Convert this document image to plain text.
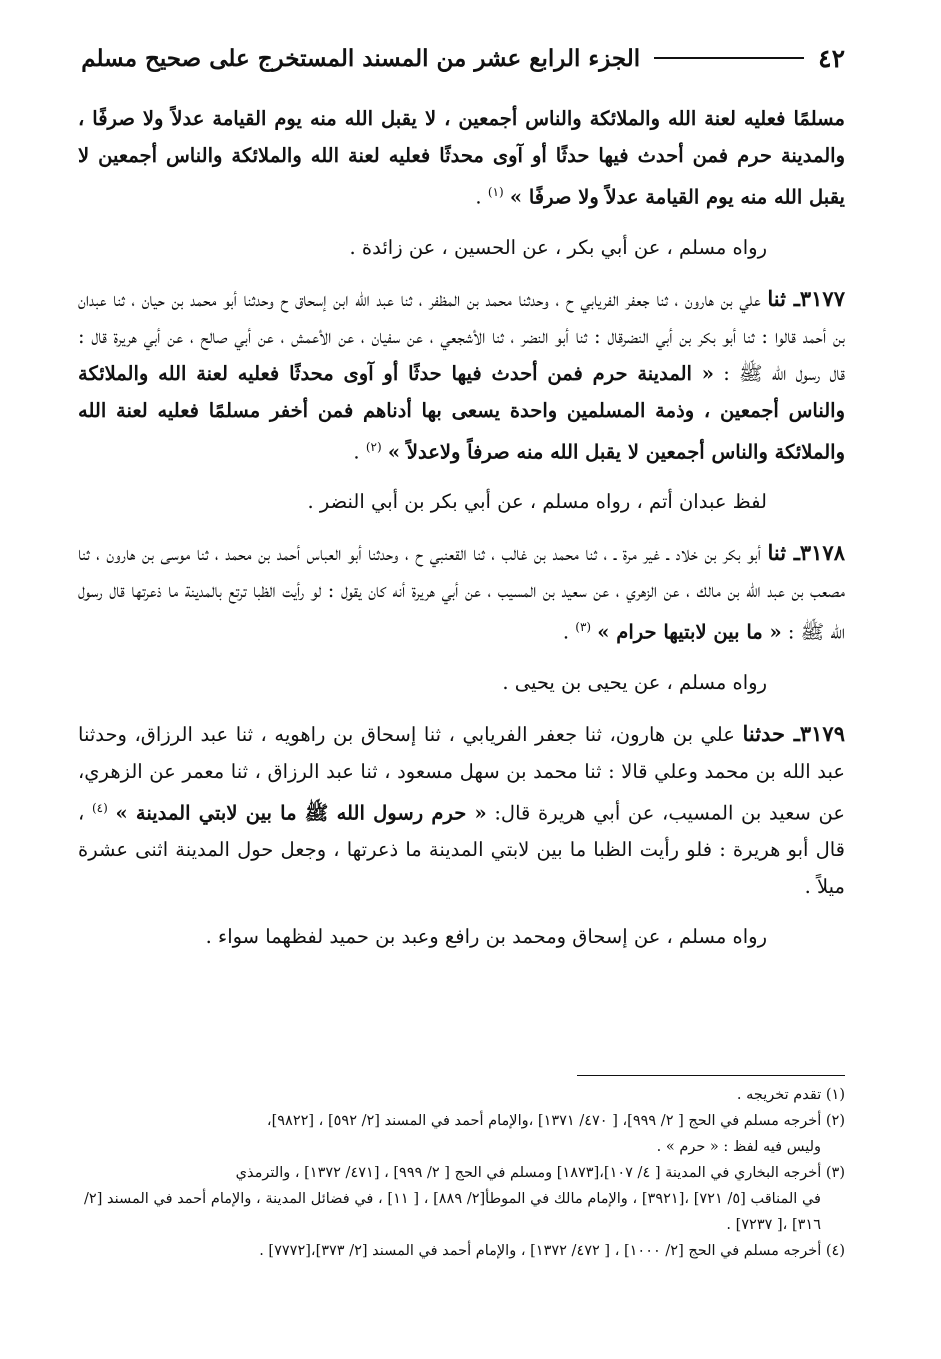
٤٢
الجزء الرابع عشر من المسند المستخرج على صحيح مسلم

مسلمًا فعليه لعنة الله والملائكة والناس أجمعين ، لا يقبل الله منه يوم القيامة عدلاً ولا صرفًا ، والمدينة حرم فمن أحدث فيها حدثًا أو آوى محدثًا فعليه لعنة الله والملائكة والناس أجمعين لا يقبل الله منه يوم القيامة عدلاً ولا صرفًا » $^{(١)}$ .

رواه مسلم ، عن أبي بكر ، عن الحسين ، عن زائدة .

٣١٧٧ـ ثنا علي بن هارون ، ثنا جعفر الفريابي ح ، وحدثنا محمد بن المظفر ، ثنا عبد الله ابن إسحاق ح وحدثنا أبو محمد بن حيان ، ثنا عبدان بن أحمد قالوا : ثنا أبو بكر بن أبي النضرقال : ثنا أبو النضر ، ثنا الأشجعي ، عن سفيان ، عن الأعمش ، عن أبي صالح ، عن أبي هريرة قال : قال رسول الله ﷺ : « المدينة حرم فمن أحدث فيها حدثًا أو آوى محدثًا فعليه لعنة الله والملائكة والناس أجمعين ، وذمة المسلمين واحدة يسعى بها أدناهم فمن أخفر مسلمًا فعليه لعنة الله والملائكة والناس أجمعين لا يقبل الله منه صرفاً ولاعدلاً » $^{(٢)}$ .

لفظ عبدان أتم ، رواه مسلم ، عن أبي بكر بن أبي النضر .

٣١٧٨ـ ثنا أبو بكر بن خلاد ـ غير مرة ـ ، ثنا محمد بن غالب ، ثنا القعنبي ح ، وحدثنا أبو العباس أحمد بن محمد ، ثنا موسى بن هارون ، ثنا مصعب بن عبد الله بن مالك ، عن الزهري ، عن سعيد بن المسيب ، عن أبي هريرة أنه كان يقول : لو رأيت الظبا ترتع بالمدينة ما ذعرتها قال رسول الله ﷺ : « ما بين لابتيها حرام » $^{(٣)}$ .

رواه مسلم ، عن يحيى بن يحيى .

٣١٧٩ـ حدثنا علي بن هارون، ثنا جعفر الفريابي ، ثنا إسحاق بن راهويه ، ثنا عبد الرزاق، وحدثنا عبد الله بن محمد وعلي قالا : ثنا محمد بن سهل مسعود ، ثنا عبد الرزاق ، ثنا معمر عن الزهري، عن سعيد بن المسيب، عن أبي هريرة قال: « حرم رسول الله ﷺ ما بين لابتي المدينة » $^{(٤)}$ ، قال أبو هريرة : فلو رأيت الظبا ما بين لابتي المدينة ما ذعرتها ، وجعل حول المدينة اثنى عشرة ميلاً .

رواه مسلم ، عن إسحاق ومحمد بن رافع وعبد بن حميد لفظهما سواء .

(١) تقدم تخريجه .

(٢) أخرجه مسلم في الحج [ ٢/ ٩٩٩]، [ ٤٧٠/ ١٣٧١] ،والإمام أحمد في المسند [٢/ ٥٩٢] ، [٩٨٢٢]،
وليس فيه لفظ : « حرم » .

(٣) أخرجه البخاري في المدينة [ ٤/ ١٠٧]،[١٨٧٣] ومسلم في الحج [ ٢/ ٩٩٩] ، [٤٧١/ ١٣٧٢] ، والترمذي
في المناقب [٥/ ٧٢١] ،[٣٩٢١] ، والإمام مالك في الموطأ[٢/ ٨٨٩] ، [ ١١] ، في فضائل المدينة ، والإمام أحمد في المسند [٢/ ٣١٦] ،[ ٧٢٣٧] .

(٤) أخرجه مسلم في الحج [٢/ ١٠٠٠] ، [ ٤٧٢/ ١٣٧٢] ، والإمام أحمد في المسند [٢/ ٣٧٣]،[٧٧٧٢] .
